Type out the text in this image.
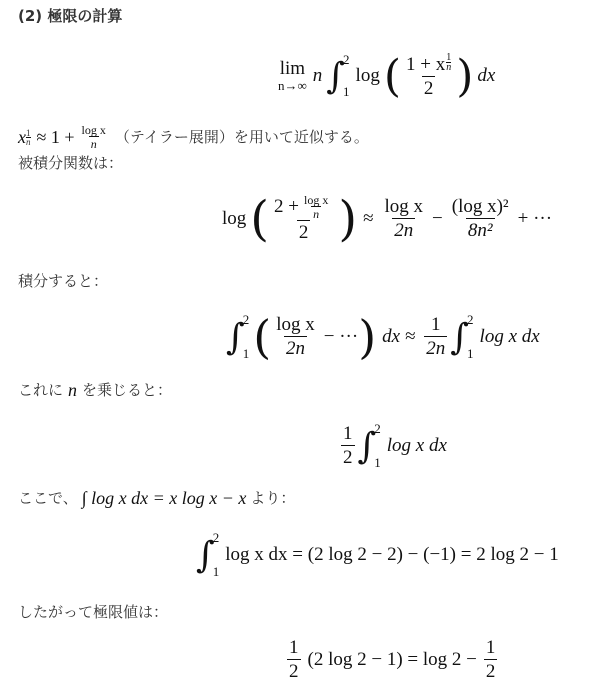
(2) 極限の計算
lim
n→∞ n ∫
2
1
log ( 1 + x $^{\frac{1}{n}}$
2 ) dx
x $\frac{1}{n} \approx 1 + \frac{\text{log x}}{n}$ （テイラー展開）を用いて近似する。
被積分関数は：
log ( $\frac{2 + \frac{\text{log x}}{n}}{2}$ ) ≈ $\frac{\text{log x}}{2n} - \frac{\text{(log x)²}}{\text{8n²}}$ + ···
積分すると：
∫
2
1 ( $\frac{\text{log x}}{2n}$ − ··· ) dx ≈ $\frac{1}{2n}$ ∫
2
1
log x dx
これに n を乗じると：
$\frac{1}{2}$ ∫
2
1
log x dx
ここで、 ∫ log x dx = x log x − x より：
∫
2
1
log x dx = (2 log 2 − 2) − (−1) = 2 log 2 − 1
したがって極限値は：
$\frac{1}{2} (2$ $\log 2 - 1) = \log 2 - \frac{1}{2}$
